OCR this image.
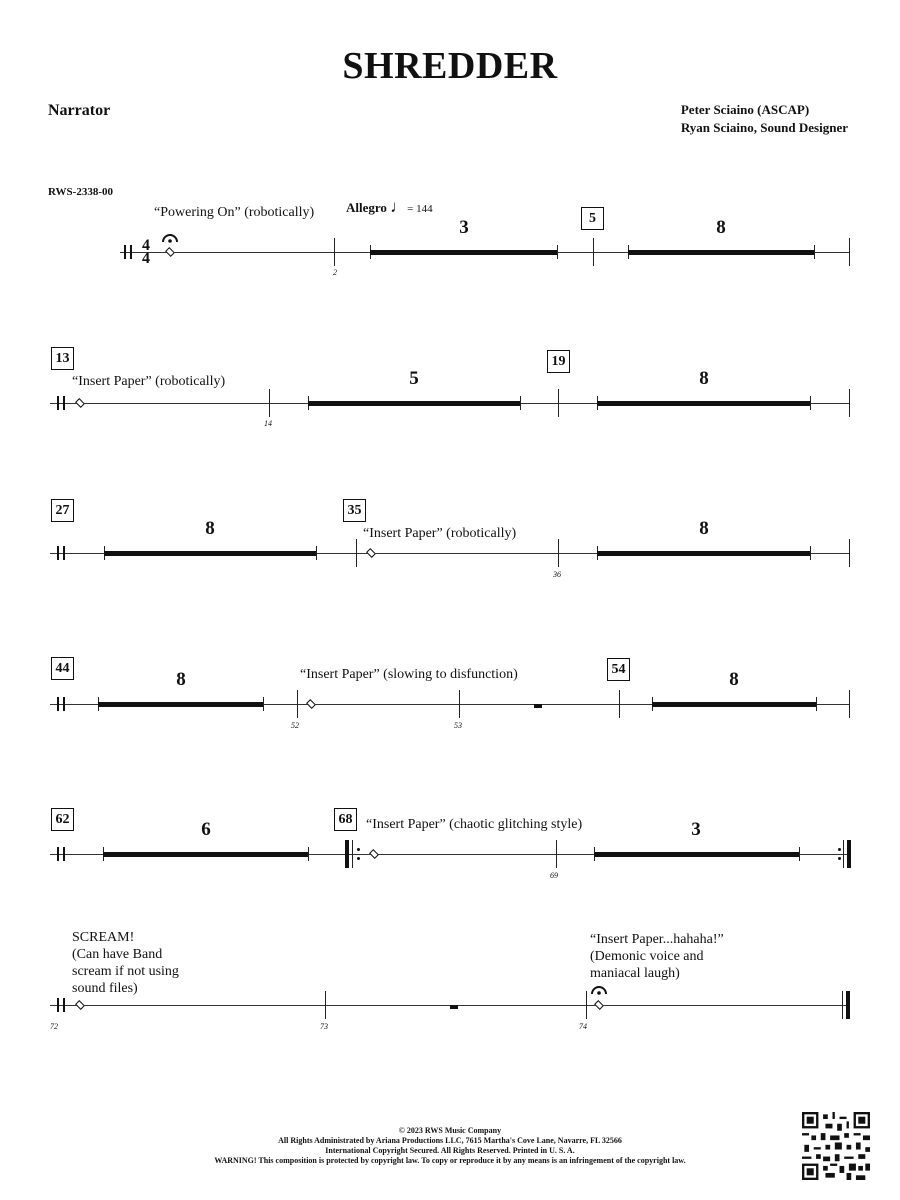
SHREDDER
Narrator	Peter Sciaino (ASCAP)
Ryan Sciaino, Sound Designer
RWS-2338-00
4
4
“Powering On” (robotically)
2
Allegro ♩= 144
3	5	8
13
“Insert Paper” (robotically)
14
5
19
8
27
8
35
“Insert Paper” (robotically)
36
8
44
8
52
“Insert Paper” (slowing to disfunction)
53
54	8
62	6	68 “Insert Paper” (chaotic glitching style)
69
3
72
SCREAM!
(Can have Band
scream if not using
sound files)
73	74
“Insert Paper...hahaha!”
(Demonic voice and
maniacal laugh)
© 2023 RWS Music Company
All Rights Administrated by Ariana Productions LLC, 7615 Martha's Cove Lane, Navarre, FL 32566
International Copyright Secured. All Rights Reserved. Printed in U. S. A.
WARNING! This composition is protected by copyright law. To copy or reproduce it by any means is an infringement of the copyright law.
